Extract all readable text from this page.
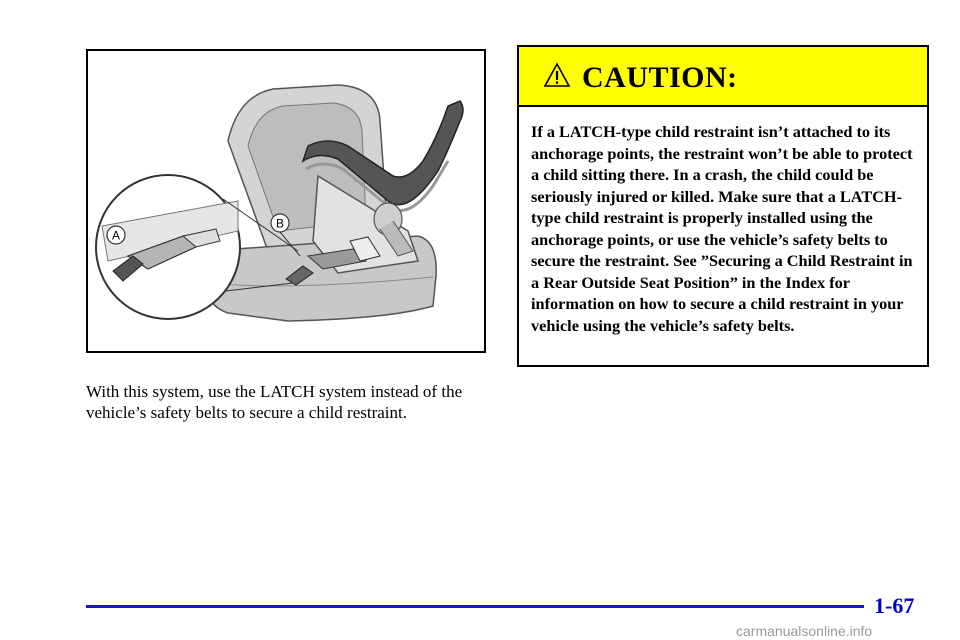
A
B
With this system, use the LATCH system instead of the vehicle’s safety belts to secure a child restraint.
CAUTION:
If a LATCH-type child restraint isn’t attached to its anchorage points, the restraint won’t be able to protect a child sitting there. In a crash, the child could be seriously injured or killed. Make sure that a LATCH-type child restraint is properly installed using the anchorage points, or use the vehicle’s safety belts to secure the restraint. See ”Securing a Child Restraint in a Rear Outside Seat Position” in the Index for information on how to secure a child restraint in your vehicle using the vehicle’s safety belts.
1-67
carmanualsonline.info
